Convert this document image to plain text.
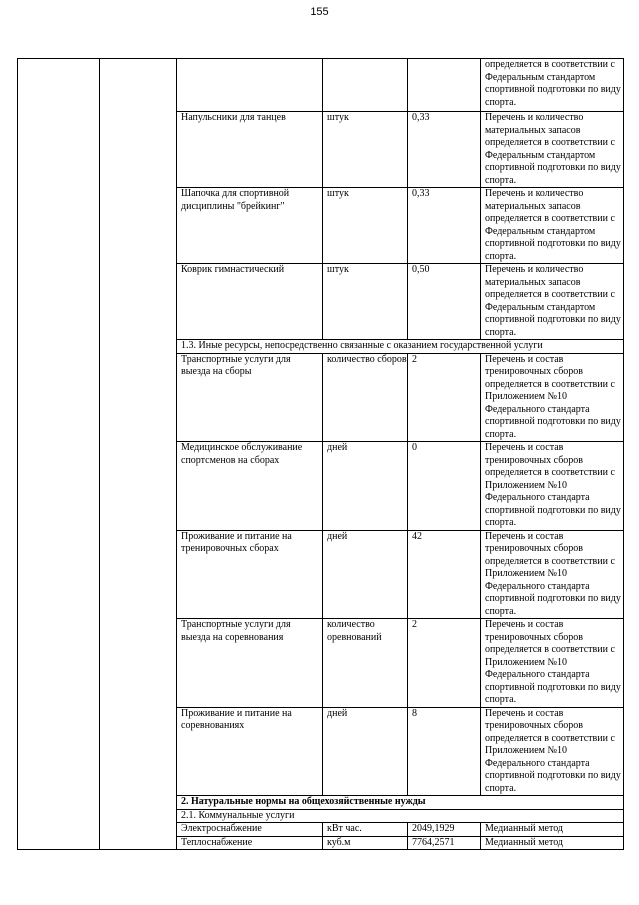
155
					определяется в соответствии с Федеральным стандартом спортивной подготовки по виду спорта.
		Напульсники для танцев	штук	0,33	Перечень и количество материальных запасов определяется в соответствии с Федеральным стандартом спортивной подготовки по виду спорта.
		Шапочка для спортивной дисциплины "брейкинг"	штук	0,33	Перечень и количество материальных запасов определяется в соответствии с Федеральным стандартом спортивной подготовки по виду спорта.
		Коврик гимнастический	штук	0,50	Перечень и количество материальных запасов определяется в соответствии с Федеральным стандартом спортивной подготовки по виду спорта.
		1.3. Иные ресурсы, непосредственно связанные с оказанием государственной услуги			
		Транспортные услуги для выезда на сборы	количество сборов	2	Перечень и состав тренировочных сборов определяется в соответствии с Приложением №10 Федерального стандарта спортивной подготовки по виду спорта.
		Медицинское обслуживание спортсменов на сборах	дней	0	Перечень и состав тренировочных сборов определяется в соответствии с Приложением №10 Федерального стандарта спортивной подготовки по виду спорта.
		Проживание и питание на тренировочных сборах	дней	42	Перечень и состав тренировочных сборов определяется в соответствии с Приложением №10 Федерального стандарта спортивной подготовки по виду спорта.
		Транспортные услуги для выезда на соревнования	количество оревнований	2	Перечень и состав тренировочных сборов определяется в соответствии с Приложением №10 Федерального стандарта спортивной подготовки по виду спорта.
		Проживание и питание на соревнованиях	дней	8	Перечень и состав тренировочных сборов определяется в соответствии с Приложением №10 Федерального стандарта спортивной подготовки по виду спорта.
		2. Натуральные нормы на общехозяйственные нужды			
		2.1. Коммунальные услуги			
		Электроснабжение	кВт час.	2049,1929	Медианный метод
		Теплоснабжение	куб.м	7764,2571	Медианный метод
